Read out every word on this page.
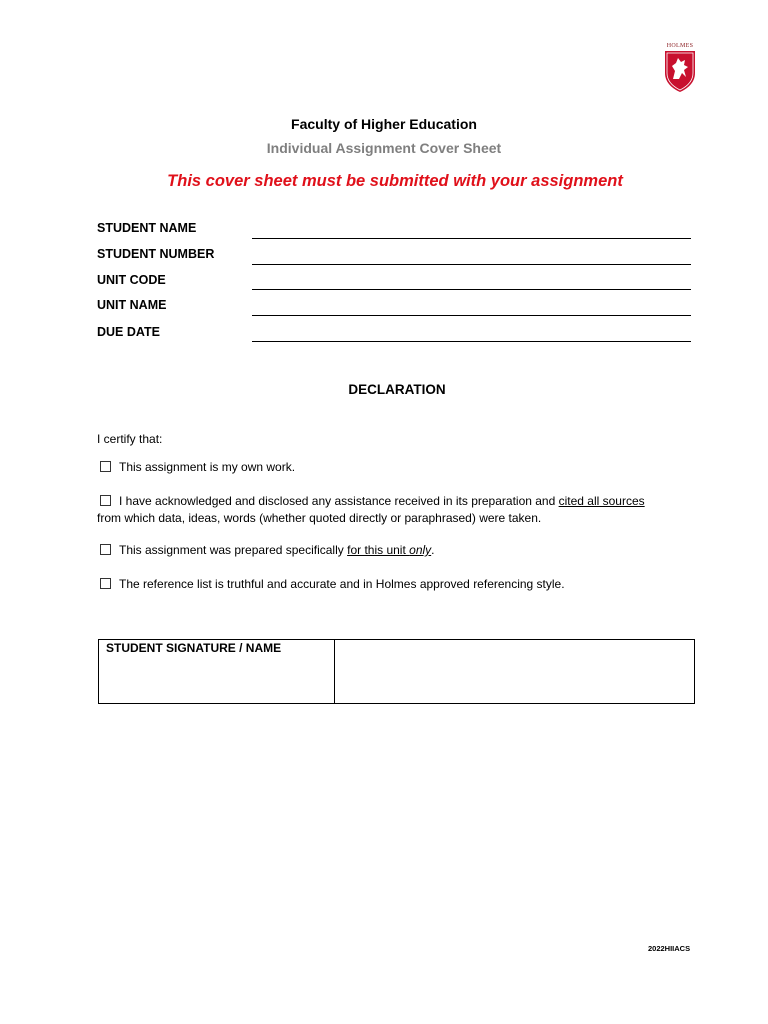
HOLMES
Faculty of Higher Education
Individual Assignment Cover Sheet
This cover sheet must be submitted with your assignment
STUDENT NAME
STUDENT NUMBER
UNIT CODE
UNIT NAME
DUE DATE
DECLARATION
I certify that:
This assignment is my own work.
I have acknowledged and disclosed any assistance received in its preparation and cited all sources
from which data, ideas, words (whether quoted directly or paraphrased) were taken.
This assignment was prepared specifically for this unit only.
The reference list is truthful and accurate and in Holmes approved referencing style.
STUDENT SIGNATURE / NAME
2022HIIACS
